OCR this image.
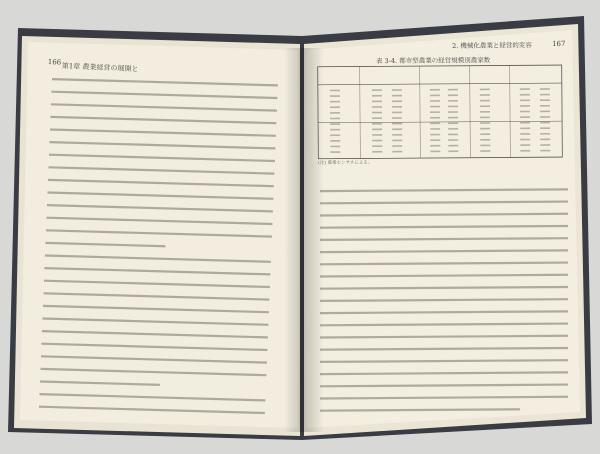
166 第1章 農業経営の展開と
2. 機械化農業と経営的変容	167
表 3-4. 都市型農業の経営規模別農家数
(注) 農業センサスによる。
